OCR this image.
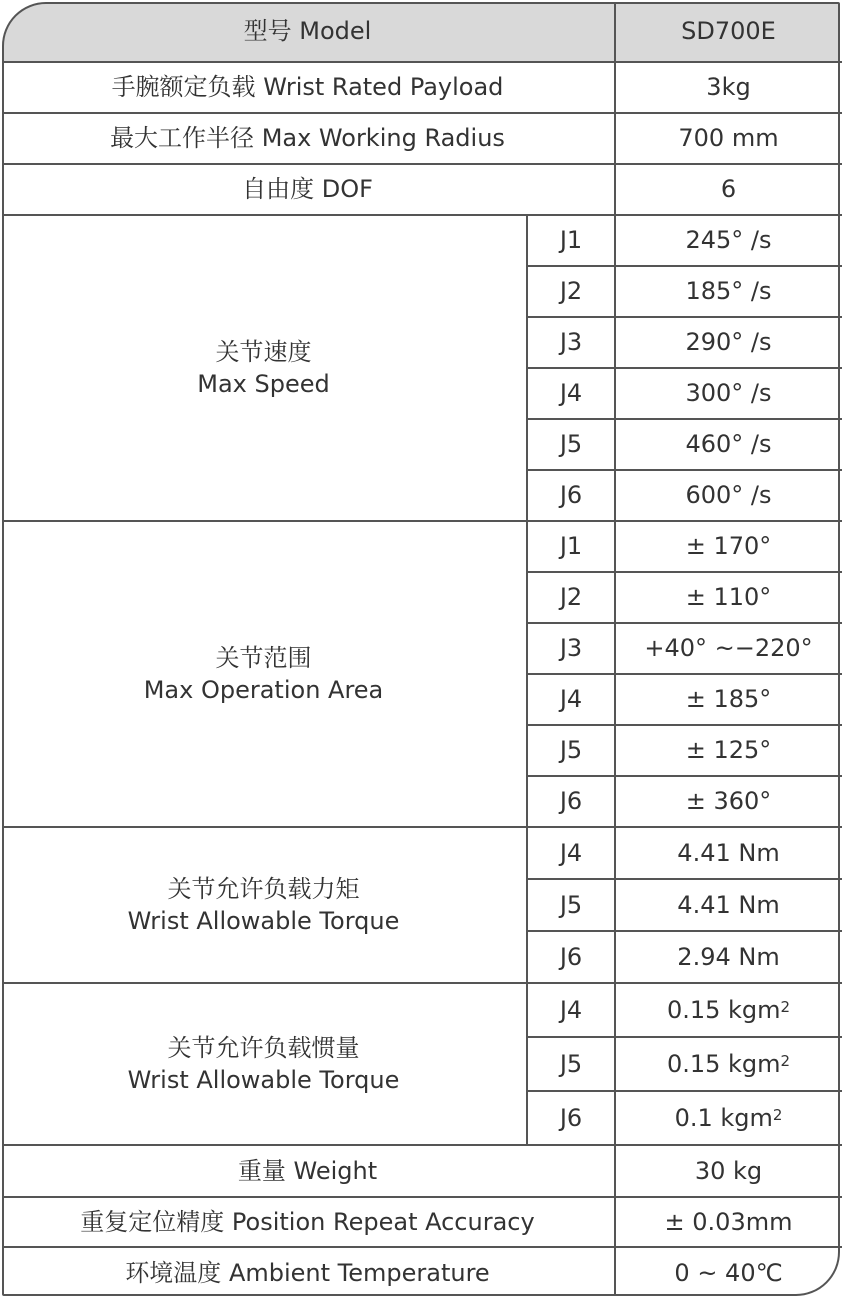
型号 Model	SD700E
手腕额定负载 Wrist Rated Payload	3kg
最大工作半径 Max Working Radius	700 mm
自由度 DOF	6
关节速度
Max Speed
J1	245° /s
J2	185° /s
J3	290° /s
J4	300° /s
J5	460° /s
J6	600° /s
关节范围
Max Operation Area
J1	± 170°
J2	± 110°
J3	+40° ~−220°
J4	± 185°
J5	± 125°
J6	± 360°
关节允许负载力矩
Wrist Allowable Torque
J4	4.41 Nm
J5	4.41 Nm
J6	2.94 Nm
关节允许负载惯量
Wrist Allowable Torque
J4	0.15 kgm$^2$
J5	0.15 kgm$^2$
J6	0.1 kgm$^2$
重量 Weight	30 kg
重复定位精度 Position Repeat Accuracy	± 0.03mm
环境温度 Ambient Temperature	0 ~ 40℃
